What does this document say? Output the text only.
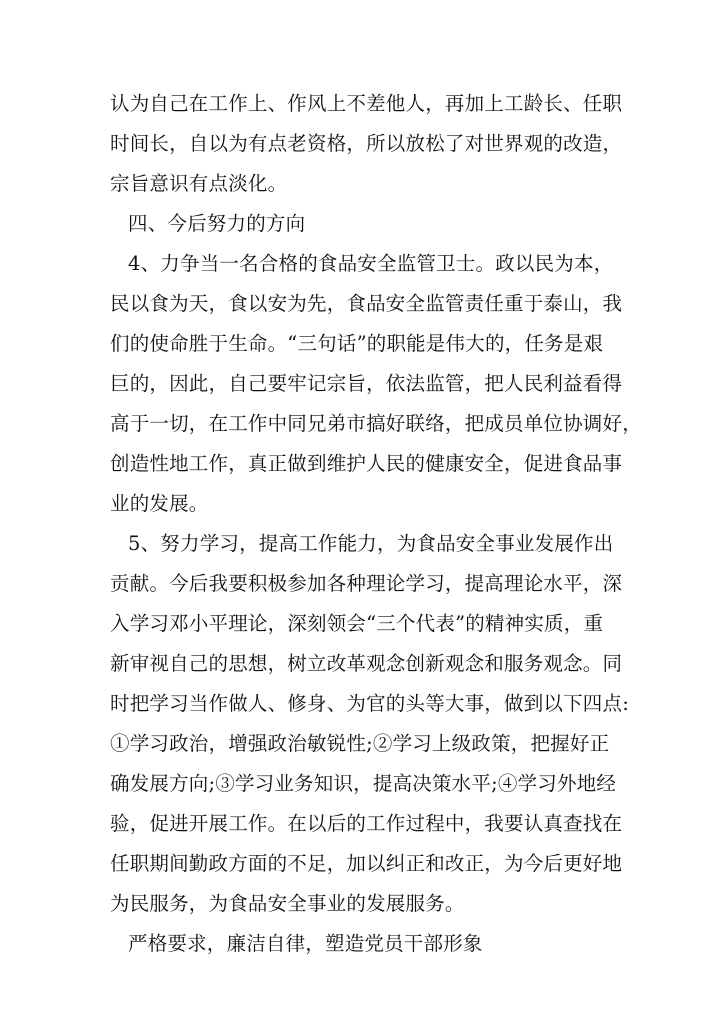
认为自己在工作上、作风上不差他人，再加上工龄长、任职
时间长，自以为有点老资格，所以放松了对世界观的改造，
宗旨意识有点淡化。
四、今后努力的方向
4、力争当一名合格的食品安全监管卫士。政以民为本，
民以食为天，食以安为先，食品安全监管责任重于泰山，我
们的使命胜于生命。“三句话”的职能是伟大的，任务是艰
巨的，因此，自己要牢记宗旨，依法监管，把人民利益看得
高于一切，在工作中同兄弟市搞好联络，把成员单位协调好，
创造性地工作，真正做到维护人民的健康安全，促进食品事
业的发展。
5、努力学习，提高工作能力，为食品安全事业发展作出
贡献。今后我要积极参加各种理论学习，提高理论水平，深
入学习邓小平理论，深刻领会“三个代表”的精神实质，重
新审视自己的思想，树立改革观念创新观念和服务观念。同
时把学习当作做人、修身、为官的头等大事，做到以下四点:
①学习政治，增强政治敏锐性;②学习上级政策，把握好正
确发展方向;③学习业务知识，提高决策水平;④学习外地经
验，促进开展工作。在以后的工作过程中，我要认真查找在
任职期间勤政方面的不足，加以纠正和改正，为今后更好地
为民服务，为食品安全事业的发展服务。
严格要求，廉洁自律，塑造党员干部形象
